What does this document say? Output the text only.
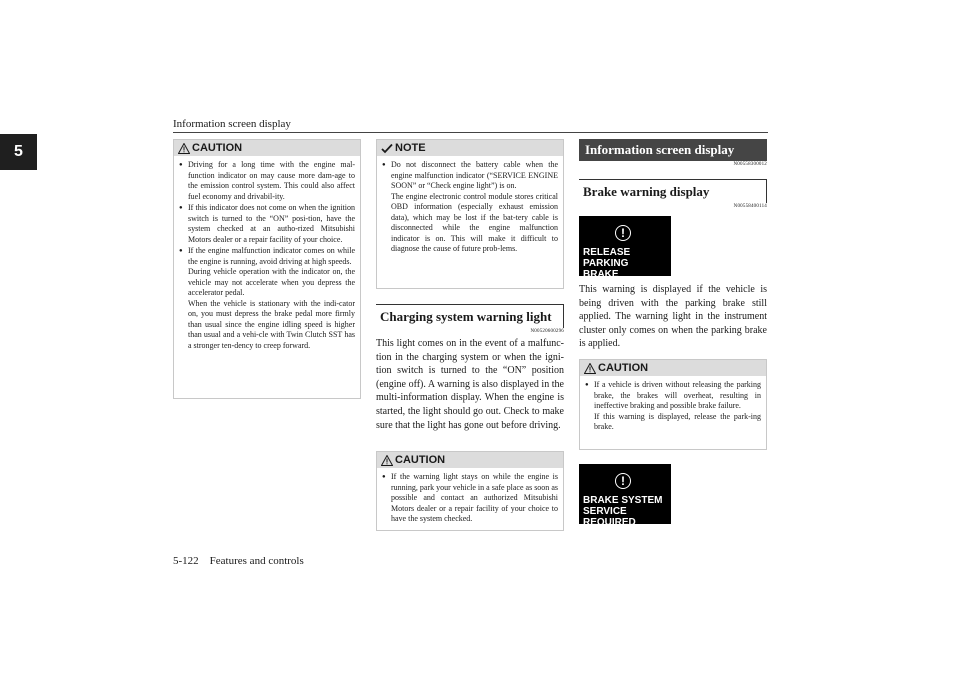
Information screen display
5
5-122 Features and controls
CAUTION

● Driving for a long time with the engine mal-function indicator on may cause more dam-age to the emission control system. This could also affect fuel economy and drivabil-ity.

● If this indicator does not come on when the ignition switch is turned to the “ON” posi-tion, have the system checked at an autho-rized Mitsubishi Motors dealer or a repair facility of your choice.

● If the engine malfunction indicator comes on while the engine is running, avoid driving at high speeds.

During vehicle operation with the indicator on, the vehicle may not accelerate when you depress the accelerator pedal.

When the vehicle is stationary with the indi-cator on, you must depress the brake pedal more firmly than usual since the engine idling speed is higher than usual and a vehi-cle with Twin Clutch SST has a stronger ten-dency to creep forward.

NOTE

● Do not disconnect the battery cable when the engine malfunction indicator (“SERVICE ENGINE SOON” or “Check engine light”) is on.

The engine electronic control module stores critical OBD information (especially exhaust emission data), which may be lost if the bat-tery cable is disconnected while the engine malfunction indicator is on. This will make it difficult to diagnose the cause of future prob-lems.

Charging system warning light
N00520600296
This light comes on in the event of a malfunc-tion in the charging system or when the igni-tion switch is turned to the “ON” position (engine off). A warning is also displayed in the multi-information display. When the engine is started, the light should go out. Check to make sure that the light has gone out before driving.
CAUTION

● If the warning light stays on while the engine is running, park your vehicle in a safe place as soon as possible and contact an authorized Mitsubishi Motors dealer or a repair facility of your choice to have the system checked.

Information screen display
N00558300012
Brake warning display
N00558400114
!
RELEASE PARKING
BRAKE
This warning is displayed if the vehicle is being driven with the parking brake still applied. The warning light in the instrument cluster only comes on when the parking brake is applied.
CAUTION

● If a vehicle is driven without releasing the parking brake, the brakes will overheat, resulting in ineffective braking and possible brake failure.

If this warning is displayed, release the park-ing brake.

!
BRAKE SYSTEM
SERVICE REQUIRED
